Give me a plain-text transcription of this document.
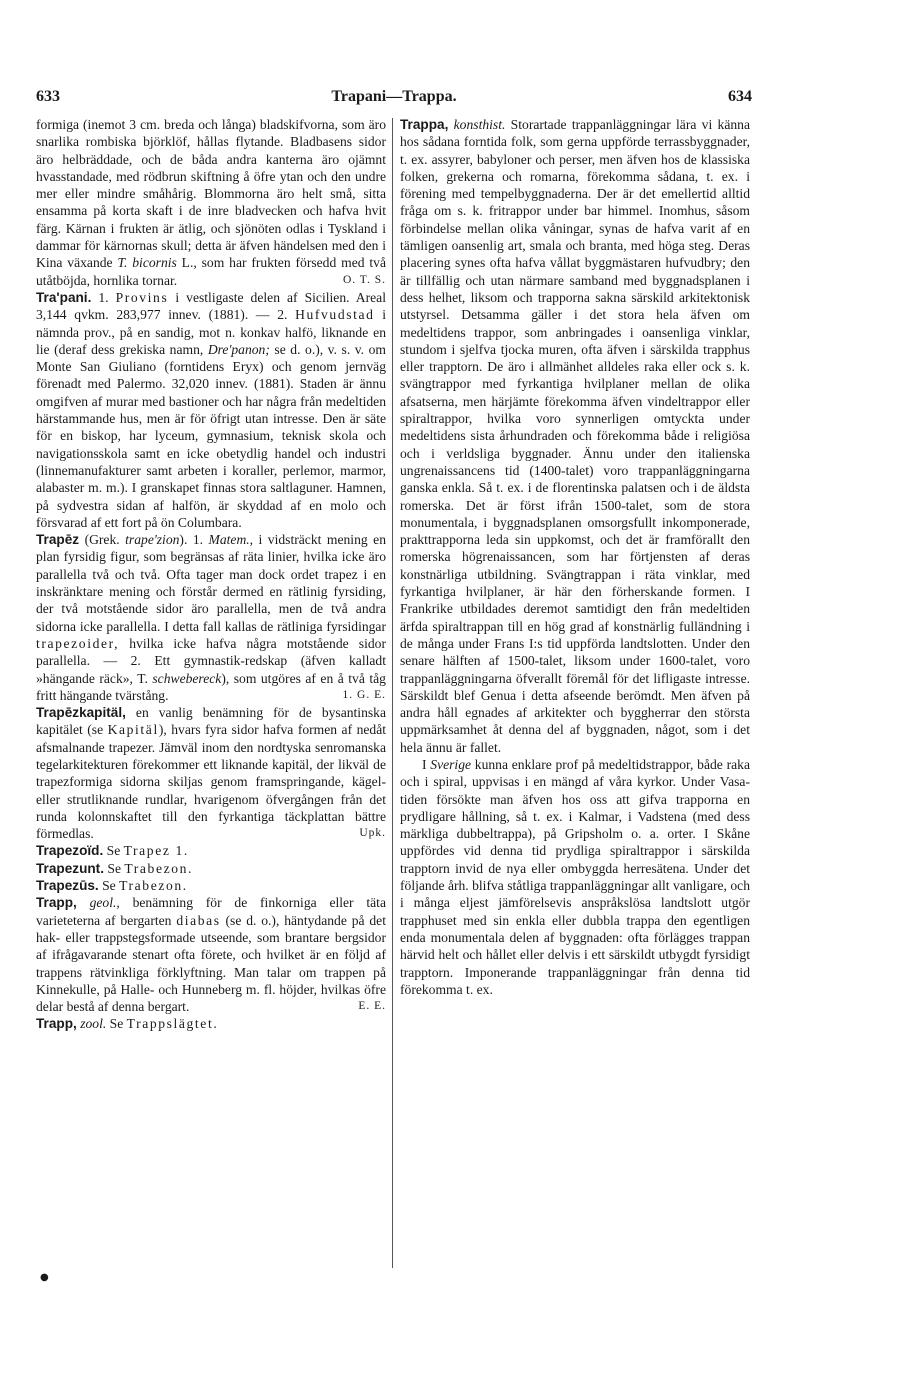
633	Trapani—Trappa.	634

formiga (inemot 3 cm. breda och långa) bladskifvorna, som äro snarlika rombiska björklöf, hållas flytande. Bladbasens sidor äro helbräddade, och de båda andra kanterna äro ojämnt hvasstandade, med rödbrun skiftning å öfre ytan och den undre mer eller mindre småhårig. Blommorna äro helt små, sitta ensamma på korta skaft i de inre bladvecken och hafva hvit färg. Kärnan i frukten är ätlig, och sjönöten odlas i Tyskland i dammar för kärnornas skull; detta är äfven händelsen med den i Kina växande T. bicornis L., som har frukten försedd med två utåtböjda, hornlika tornar.	O. T. S.

Tra'pani. 1. Provins i vestligaste delen af Sicilien. Areal 3,144 qvkm. 283,977 innev. (1881). — 2. Hufvudstad i nämnda prov., på en sandig, mot n. konkav halfö, liknande en lie (deraf dess grekiska namn, Dre'panon; se d. o.), v. s. v. om Monte San Giuliano (forntidens Eryx) och genom jernväg förenadt med Palermo. 32,020 innev. (1881). Staden är ännu omgifven af murar med bastioner och har några från medeltiden härstammande hus, men är för öfrigt utan intresse. Den är säte för en biskop, har lyceum, gymnasium, teknisk skola och navigationsskola samt en icke obetydlig handel och industri (linnemanufakturer samt arbeten i koraller, perlemor, marmor, alabaster m. m.). I granskapet finnas stora saltlaguner. Hamnen, på sydvestra sidan af halfön, är skyddad af en molo och försvarad af ett fort på ön Columbara.

Trapēz (Grek. trape'zion). 1. Matem., i vidsträckt mening en plan fyrsidig figur, som begränsas af räta linier, hvilka icke äro parallella två och två. Ofta tager man dock ordet trapez i en inskränktare mening och förstår dermed en rätlinig fyrsiding, der två motstående sidor äro parallella, men de två andra sidorna icke parallella. I detta fall kallas de rätliniga fyrsidingar trapezoider, hvilka icke hafva några motstående sidor parallella. — 2. Ett gymnastik-redskap (äfven kalladt »hängande räck», T. schwebereck), som utgöres af en å två tåg fritt hängande tvärstång.	1. G. E.

Trapēzkapitäl, en vanlig benämning för de bysantinska kapitälet (se Kapitäl), hvars fyra sidor hafva formen af nedåt afsmalnande trapezer. Jämväl inom den nordtyska senromanska tegelarkitekturen förekommer ett liknande kapitäl, der likväl de trapezformiga sidorna skiljas genom framspringande, kägel- eller strutliknande rundlar, hvarigenom öfvergången från det runda kolonnskaftet till den fyrkantiga täckplattan bättre förmedlas.	Upk.

Trapezoïd. Se Trapez 1.

Trapezunt. Se Trabezon.

Trapezūs. Se Trabezon.

Trapp, geol., benämning för de finkorniga eller täta varieteterna af bergarten diabas (se d. o.), häntydande på det hak- eller trappstegsformade utseende, som brantare bergsidor af ifrågavarande stenart ofta förete, och hvilket är en följd af trappens rätvinkliga förklyftning. Man talar om trappen på Kinnekulle, på Halle- och Hunneberg m. fl. höjder, hvilkas öfre delar bestå af denna bergart.	E. E.

Trapp, zool. Se Trappslägtet.

Trappa, konsthist. Storartade trappanläggningar lära vi känna hos sådana forntida folk, som gerna uppförde terrassbyggnader, t. ex. assyrer, babyloner och perser, men äfven hos de klassiska folken, grekerna och romarna, förekomma sådana, t. ex. i förening med tempelbyggnaderna. Der är det emellertid alltid fråga om s. k. fritrappor under bar himmel. Inomhus, såsom förbindelse mellan olika våningar, synas de hafva varit af en tämligen oansenlig art, smala och branta, med höga steg. Deras placering synes ofta hafva vållat byggmästaren hufvudbry; den är tillfällig och utan närmare samband med byggnadsplanen i dess helhet, liksom och trapporna sakna särskild arkitektonisk utstyrsel. Detsamma gäller i det stora hela äfven om medeltidens trappor, som anbringades i oansenliga vinklar, stundom i sjelfva tjocka muren, ofta äfven i särskilda trapphus eller trapptorn. De äro i allmänhet alldeles raka eller ock s. k. svängtrappor med fyrkantiga hvilplaner mellan de olika afsatserna, men härjämte förekomma äfven vindeltrappor eller spiraltrappor, hvilka voro synnerligen omtyckta under medeltidens sista århundraden och förekomma både i religiösa och i verldsliga byggnader. Ännu under den italienska ungrenaissancens tid (1400-talet) voro trappanläggningarna ganska enkla. Så t. ex. i de florentinska palatsen och i de äldsta romerska. Det är först ifrån 1500-talet, som de stora monumentala, i byggnadsplanen omsorgsfullt inkomponerade, prakttrapporna leda sin uppkomst, och det är framförallt den romerska högrenaissancen, som har förtjensten af deras konstnärliga utbildning. Svängtrappan i räta vinklar, med fyrkantiga hvilplaner, är här den förherskande formen. I Frankrike utbildades deremot samtidigt den från medeltiden ärfda spiraltrappan till en hög grad af konstnärlig fulländning i de många under Frans I:s tid uppförda landtslotten. Under den senare hälften af 1500-talet, liksom under 1600-talet, voro trappanläggningarna öfverallt föremål för det lifligaste intresse. Särskildt blef Genua i detta afseende berömdt. Men äfven på andra håll egnades af arkitekter och byggherrar den största uppmärksamhet åt denna del af byggnaden, något, som i det hela ännu är fallet.

I Sverige kunna enklare prof på medeltidstrappor, både raka och i spiral, uppvisas i en mängd af våra kyrkor. Under Vasa-tiden försökte man äfven hos oss att gifva trapporna en prydligare hållning, så t. ex. i Kalmar, i Vadstena (med dess märkliga dubbeltrappa), på Gripsholm o. a. orter. I Skåne uppfördes vid denna tid prydliga spiraltrappor i särskilda trapptorn invid de nya eller ombyggda herresätena. Under det följande årh. blifva ståtliga trappanläggningar allt vanligare, och i många eljest jämförelsevis anspråkslösa landtslott utgör trapphuset med sin enkla eller dubbla trappa den egentligen enda monumentala delen af byggnaden: ofta förlägges trappan härvid helt och hållet eller delvis i ett särskildt utbygdt fyrsidigt trapptorn. Imponerande trappanläggningar från denna tid förekomma t. ex.

●
